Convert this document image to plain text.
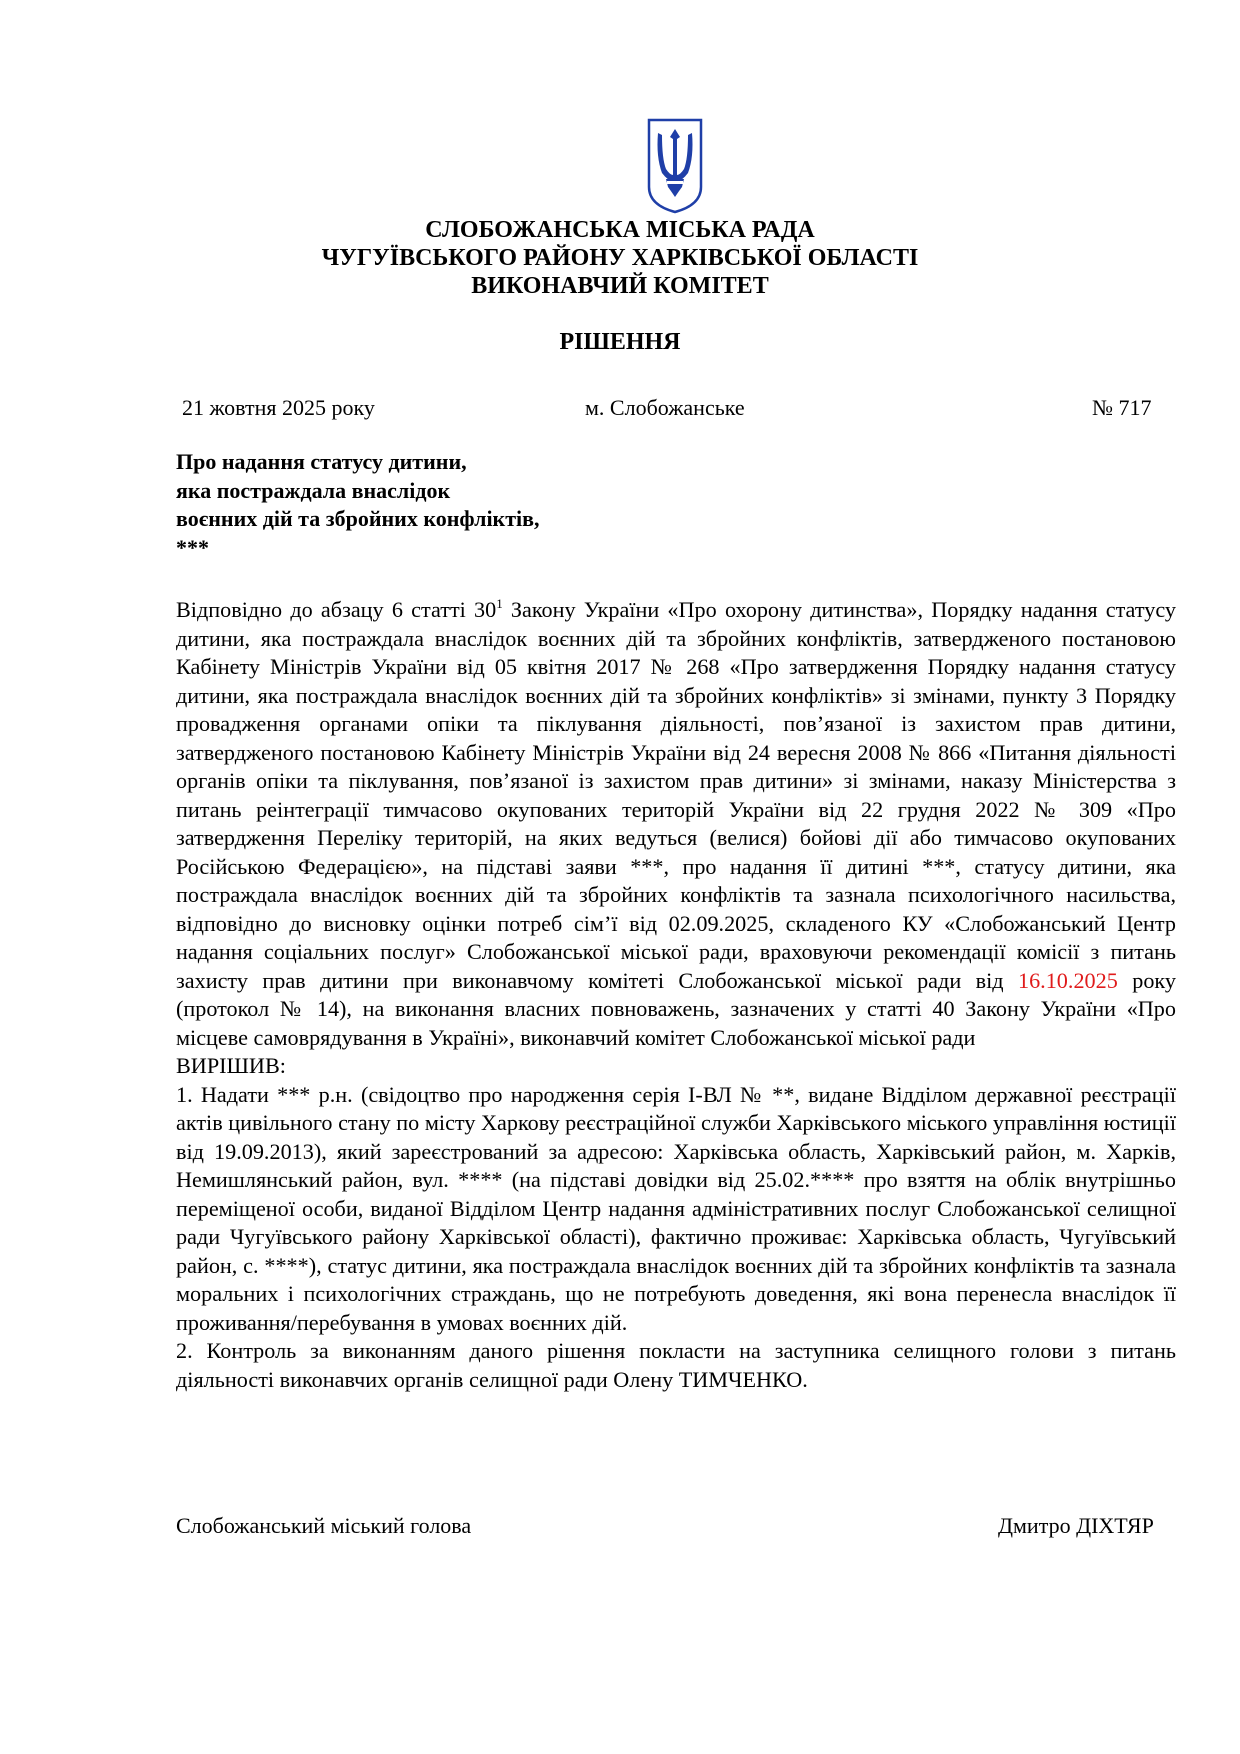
СЛОБОЖАНСЬКА МІСЬКА РАДА
ЧУГУЇВСЬКОГО РАЙОНУ ХАРКІВСЬКОЇ ОБЛАСТІ
ВИКОНАВЧИЙ КОМІТЕТ
РІШЕННЯ
21 жовтня 2025 року	м. Слобожанське	№ 717
Про надання статусу дитини,
яка постраждала внаслідок
воєнних дій та збройних конфліктів,
***

Відповідно до абзацу 6 статті $30^1$ Закону України «Про охорону дитинства», Порядку надання статусу дитини, яка постраждала внаслідок воєнних дій та збройних конфліктів, затвердженого постановою Кабінету Міністрів України від 05 квітня 2017 № 268 «Про затвердження Порядку надання статусу дитини, яка постраждала внаслідок воєнних дій та збройних конфліктів» зі змінами, пункту 3 Порядку провадження органами опіки та піклування діяльності, пов’язаної із захистом прав дитини, затвердженого постановою Кабінету Міністрів України від 24 вересня 2008 № 866 «Питання діяльності органів опіки та піклування, пов’язаної із захистом прав дитини» зі змінами, наказу Міністерства з питань реінтеграції тимчасово окупованих територій України від 22 грудня 2022 № 309 «Про затвердження Переліку територій, на яких ведуться (велися) бойові дії або тимчасово окупованих Російською Федерацією», на підставі заяви ***, про надання її дитині ***, статусу дитини, яка постраждала внаслідок воєнних дій та збройних конфліктів та зазнала психологічного насильства, відповідно до висновку оцінки потреб сім’ї від 02.09.2025, складеного КУ «Слобожанський Центр надання соціальних послуг» Слобожанської міської ради, враховуючи рекомендації комісії з питань захисту прав дитини при виконавчому комітеті Слобожанської міської ради від 16.10.2025 року (протокол № 14), на виконання власних повноважень, зазначених у статті 40 Закону України «Про місцеве самоврядування в Україні», виконавчий комітет Слобожанської міської ради

ВИРІШИВ:

1. Надати *** р.н. (свідоцтво про народження серія І-ВЛ № **, видане Відділом державної реєстрації актів цивільного стану по місту Харкову реєстраційної служби Харківського міського управління юстиції від 19.09.2013), який зареєстрований за адресою: Харківська область, Харківський район, м. Харків, Немишлянський район, вул. **** (на підставі довідки від 25.02.**** про взяття на облік внутрішньо переміщеної особи, виданої Відділом Центр надання адміністративних послуг Слобожанської селищної ради Чугуївського району Харківської області), фактично проживає: Харківська область, Чугуївський район, с. ****), статус дитини, яка постраждала внаслідок воєнних дій та збройних конфліктів та зазнала моральних і психологічних страждань, що не потребують доведення, які вона перенесла внаслідок її проживання/перебування в умовах воєнних дій.

2. Контроль за виконанням даного рішення покласти на заступника селищного голови з питань діяльності виконавчих органів селищної ради Олену ТИМЧЕНКО.

Слобожанський міський голова	Дмитро ДІХТЯР
